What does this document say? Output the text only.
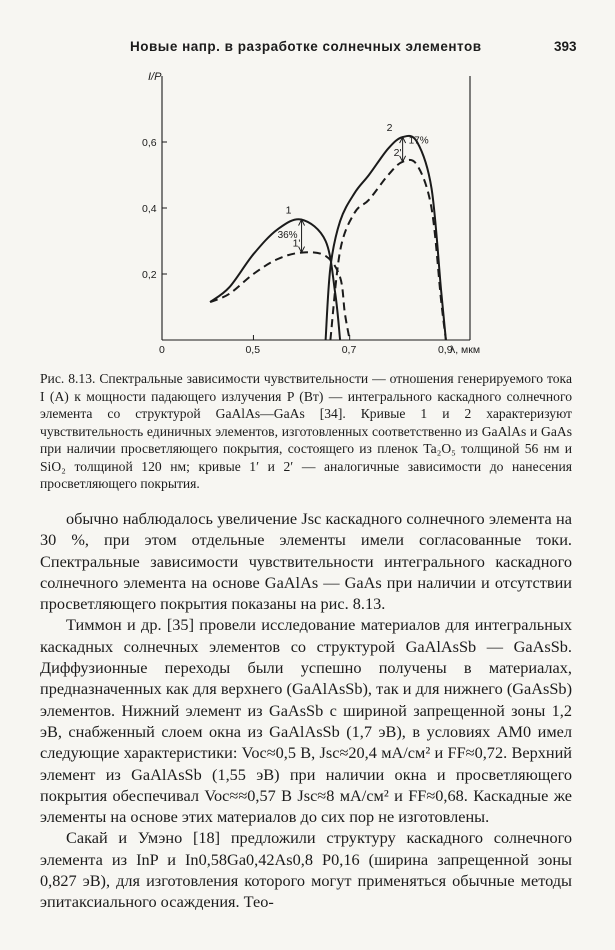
Новые напр. в разработке солнечных элементов	393
I/P
λ, мкм
0,2
0,4
0,6
0	0,5	0,7	0,9
1
1'
2
2'
36%
17%
Рис. 8.13. Спектральные зависимости чувствительности — отношения генерируемого тока I (A) к мощности падающего излучения P (Вт) — интегрального каскадного солнечного элемента со структурой GaAlAs—GaAs [34]. Кривые 1 и 2 характеризуют чувствительность единичных элементов, изготовленных соответственно из GaAlAs и GaAs при наличии просветляющего покрытия, состоящего из пленок Ta₂O₅ толщиной 56 нм и SiO₂ толщиной 120 нм; кривые 1′ и 2′ — аналогичные зависимости до нанесения просветляющего покрытия.

обычно наблюдалось увеличение Jsc каскадного солнечного элемента на 30 %, при этом отдельные элементы имели согласованные токи. Спектральные зависимости чувствительности интегрального каскадного солнечного элемента на основе GaAlAs — GaAs при наличии и отсутствии просветляющего покрытия показаны на рис. 8.13.

Тиммон и др. [35] провели исследование материалов для интегральных каскадных солнечных элементов со структурой GaAlAsSb — GaAsSb. Диффузионные переходы были успешно получены в материалах, предназначенных как для верхнего (GaAlAsSb), так и для нижнего (GaAsSb) элементов. Нижний элемент из GaAsSb с шириной запрещенной зоны 1,2 эВ, снабженный слоем окна из GaAlAsSb (1,7 эВ), в условиях AM0 имел следующие характеристики: Voc≈0,5 В, Jsc≈20,4 мА/см² и FF≈0,72. Верхний элемент из GaAlAsSb (1,55 эВ) при наличии окна и просветляющего покрытия обеспечивал Voc≈≈0,57 В Jsc≈8 мА/см² и FF≈0,68. Каскадные же элементы на основе этих материалов до сих пор не изготовлены.

Сакай и Умэно [18] предложили структуру каскадного солнечного элемента из InP и In0,58Ga0,42As0,8 P0,16 (ширина запрещенной зоны 0,827 эВ), для изготовления которого могут применяться обычные методы эпитаксиального осаждения. Тео-
